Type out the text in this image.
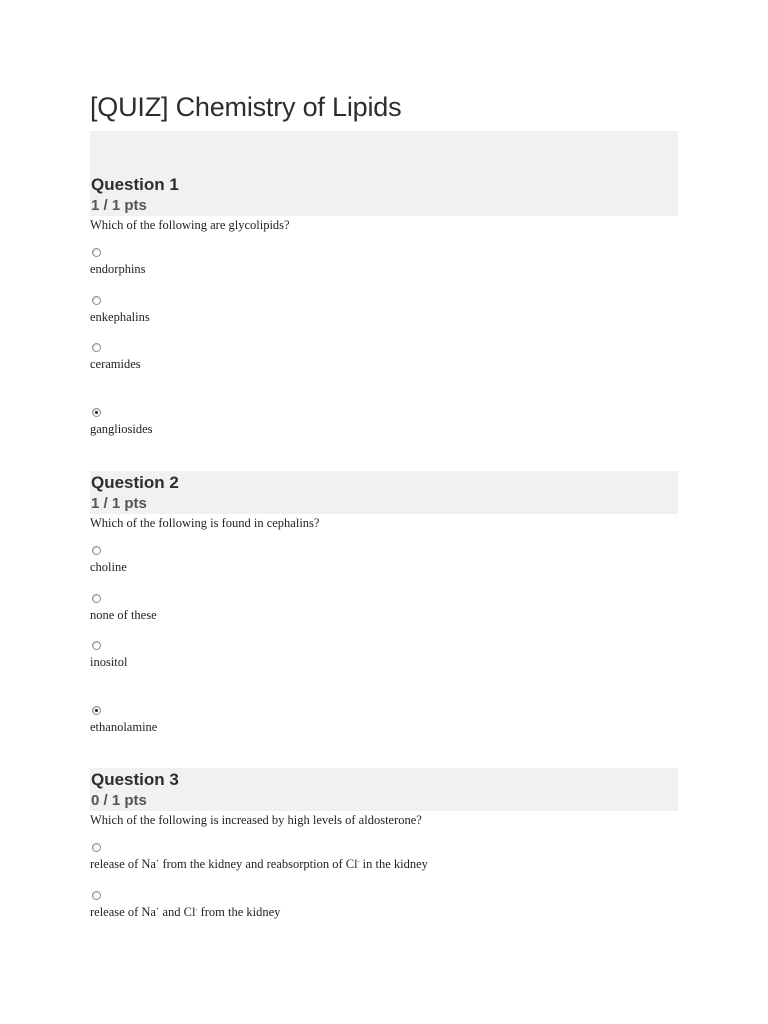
[QUIZ] Chemistry of Lipids
Question 1
1 / 1 pts
Which of the following are glycolipids?
endorphins
enkephalins
ceramides
gangliosides
Question 2
1 / 1 pts
Which of the following is found in cephalins?
choline
none of these
inositol
ethanolamine
Question 3
0 / 1 pts
Which of the following is increased by high levels of aldosterone?
release of Na+ from the kidney and reabsorption of Cl- in the kidney
release of Na+ and Cl- from the kidney
